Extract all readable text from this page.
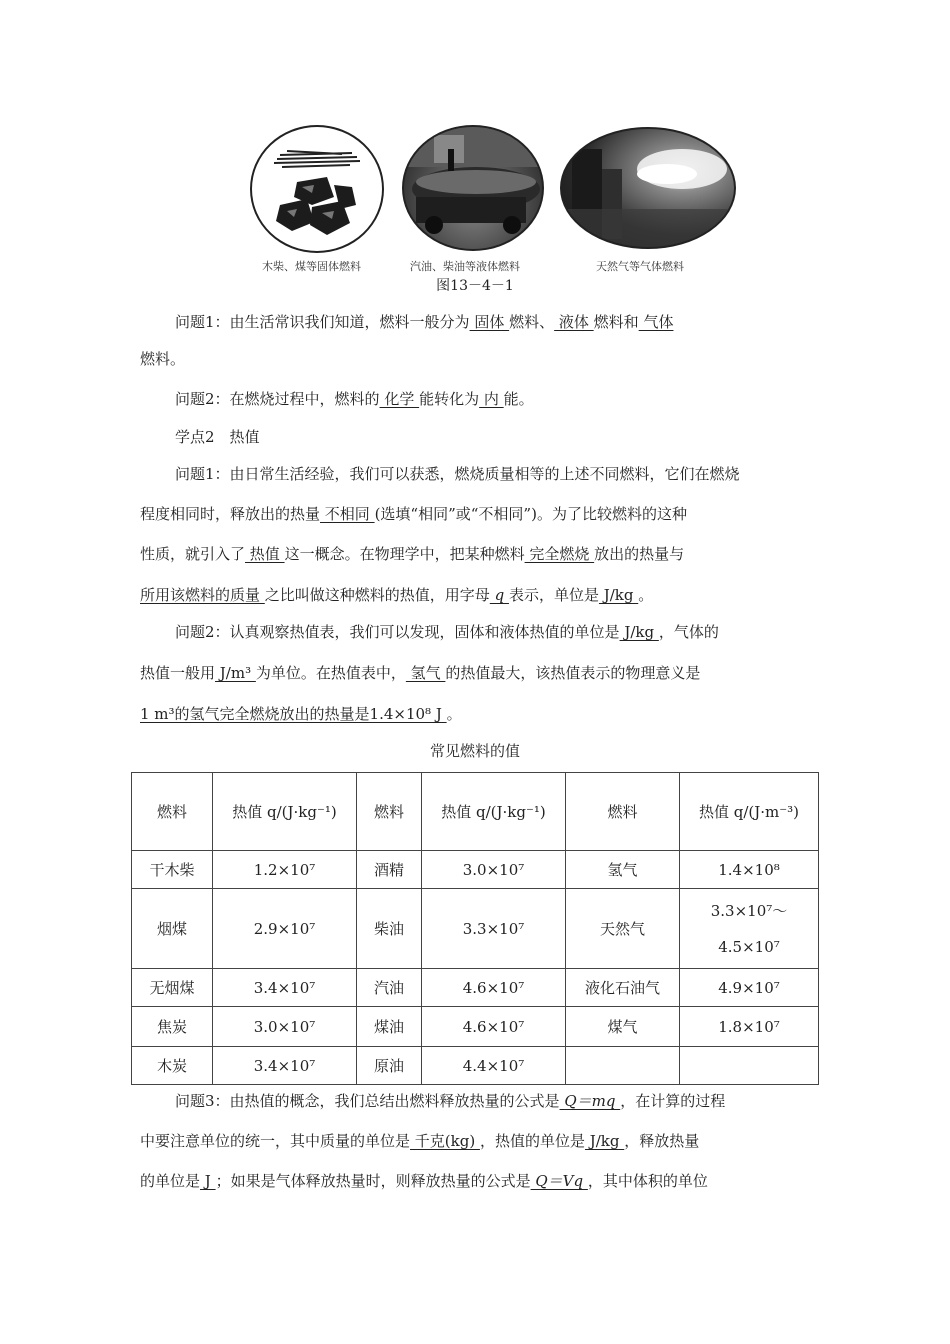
木柴、煤等固体燃料	汽油、柴油等液体燃料	天然气等气体燃料
图13－4－1
问题1：由生活常识我们知道，燃料一般分为 固体 燃料、 液体 燃料和 气体
燃料。
问题2：在燃烧过程中，燃料的 化学 能转化为 内 能。
学点2　热值
问题1：由日常生活经验，我们可以获悉，燃烧质量相等的上述不同燃料，它们在燃烧
程度相同时，释放出的热量 不相同 (选填“相同”或“不相同”)。为了比较燃料的这种
性质，就引入了 热值 这一概念。在物理学中，把某种燃料 完全燃烧 放出的热量与
所用该燃料的质量 之比叫做这种燃料的热值，用字母 q 表示，单位是 J/kg 。
问题2：认真观察热值表，我们可以发现，固体和液体热值的单位是 J/kg ，气体的
热值一般用 J/m³ 为单位。在热值表中， 氢气 的热值最大，该热值表示的物理意义是
1 m³的氢气完全燃烧放出的热量是1.4×10⁸ J 。
常见燃料的值
燃料	热值 q/(J·kg⁻¹)	燃料	热值 q/(J·kg⁻¹)	燃料	热值 q/(J·m⁻³)
干木柴	1.2×10⁷	酒精	3.0×10⁷	氢气	1.4×10⁸
烟煤	2.9×10⁷	柴油	3.3×10⁷	天然气	3.3×10⁷～4.5×10⁷
无烟煤	3.4×10⁷	汽油	4.6×10⁷	液化石油气	4.9×10⁷
焦炭	3.0×10⁷	煤油	4.6×10⁷	煤气	1.8×10⁷
木炭	3.4×10⁷	原油	4.4×10⁷		
问题3：由热值的概念，我们总结出燃料释放热量的公式是 Q＝mq ，在计算的过程
中要注意单位的统一，其中质量的单位是 千克(kg) ，热值的单位是 J/kg ，释放热量
的单位是 J ；如果是气体释放热量时，则释放热量的公式是 Q＝Vq ，其中体积的单位
